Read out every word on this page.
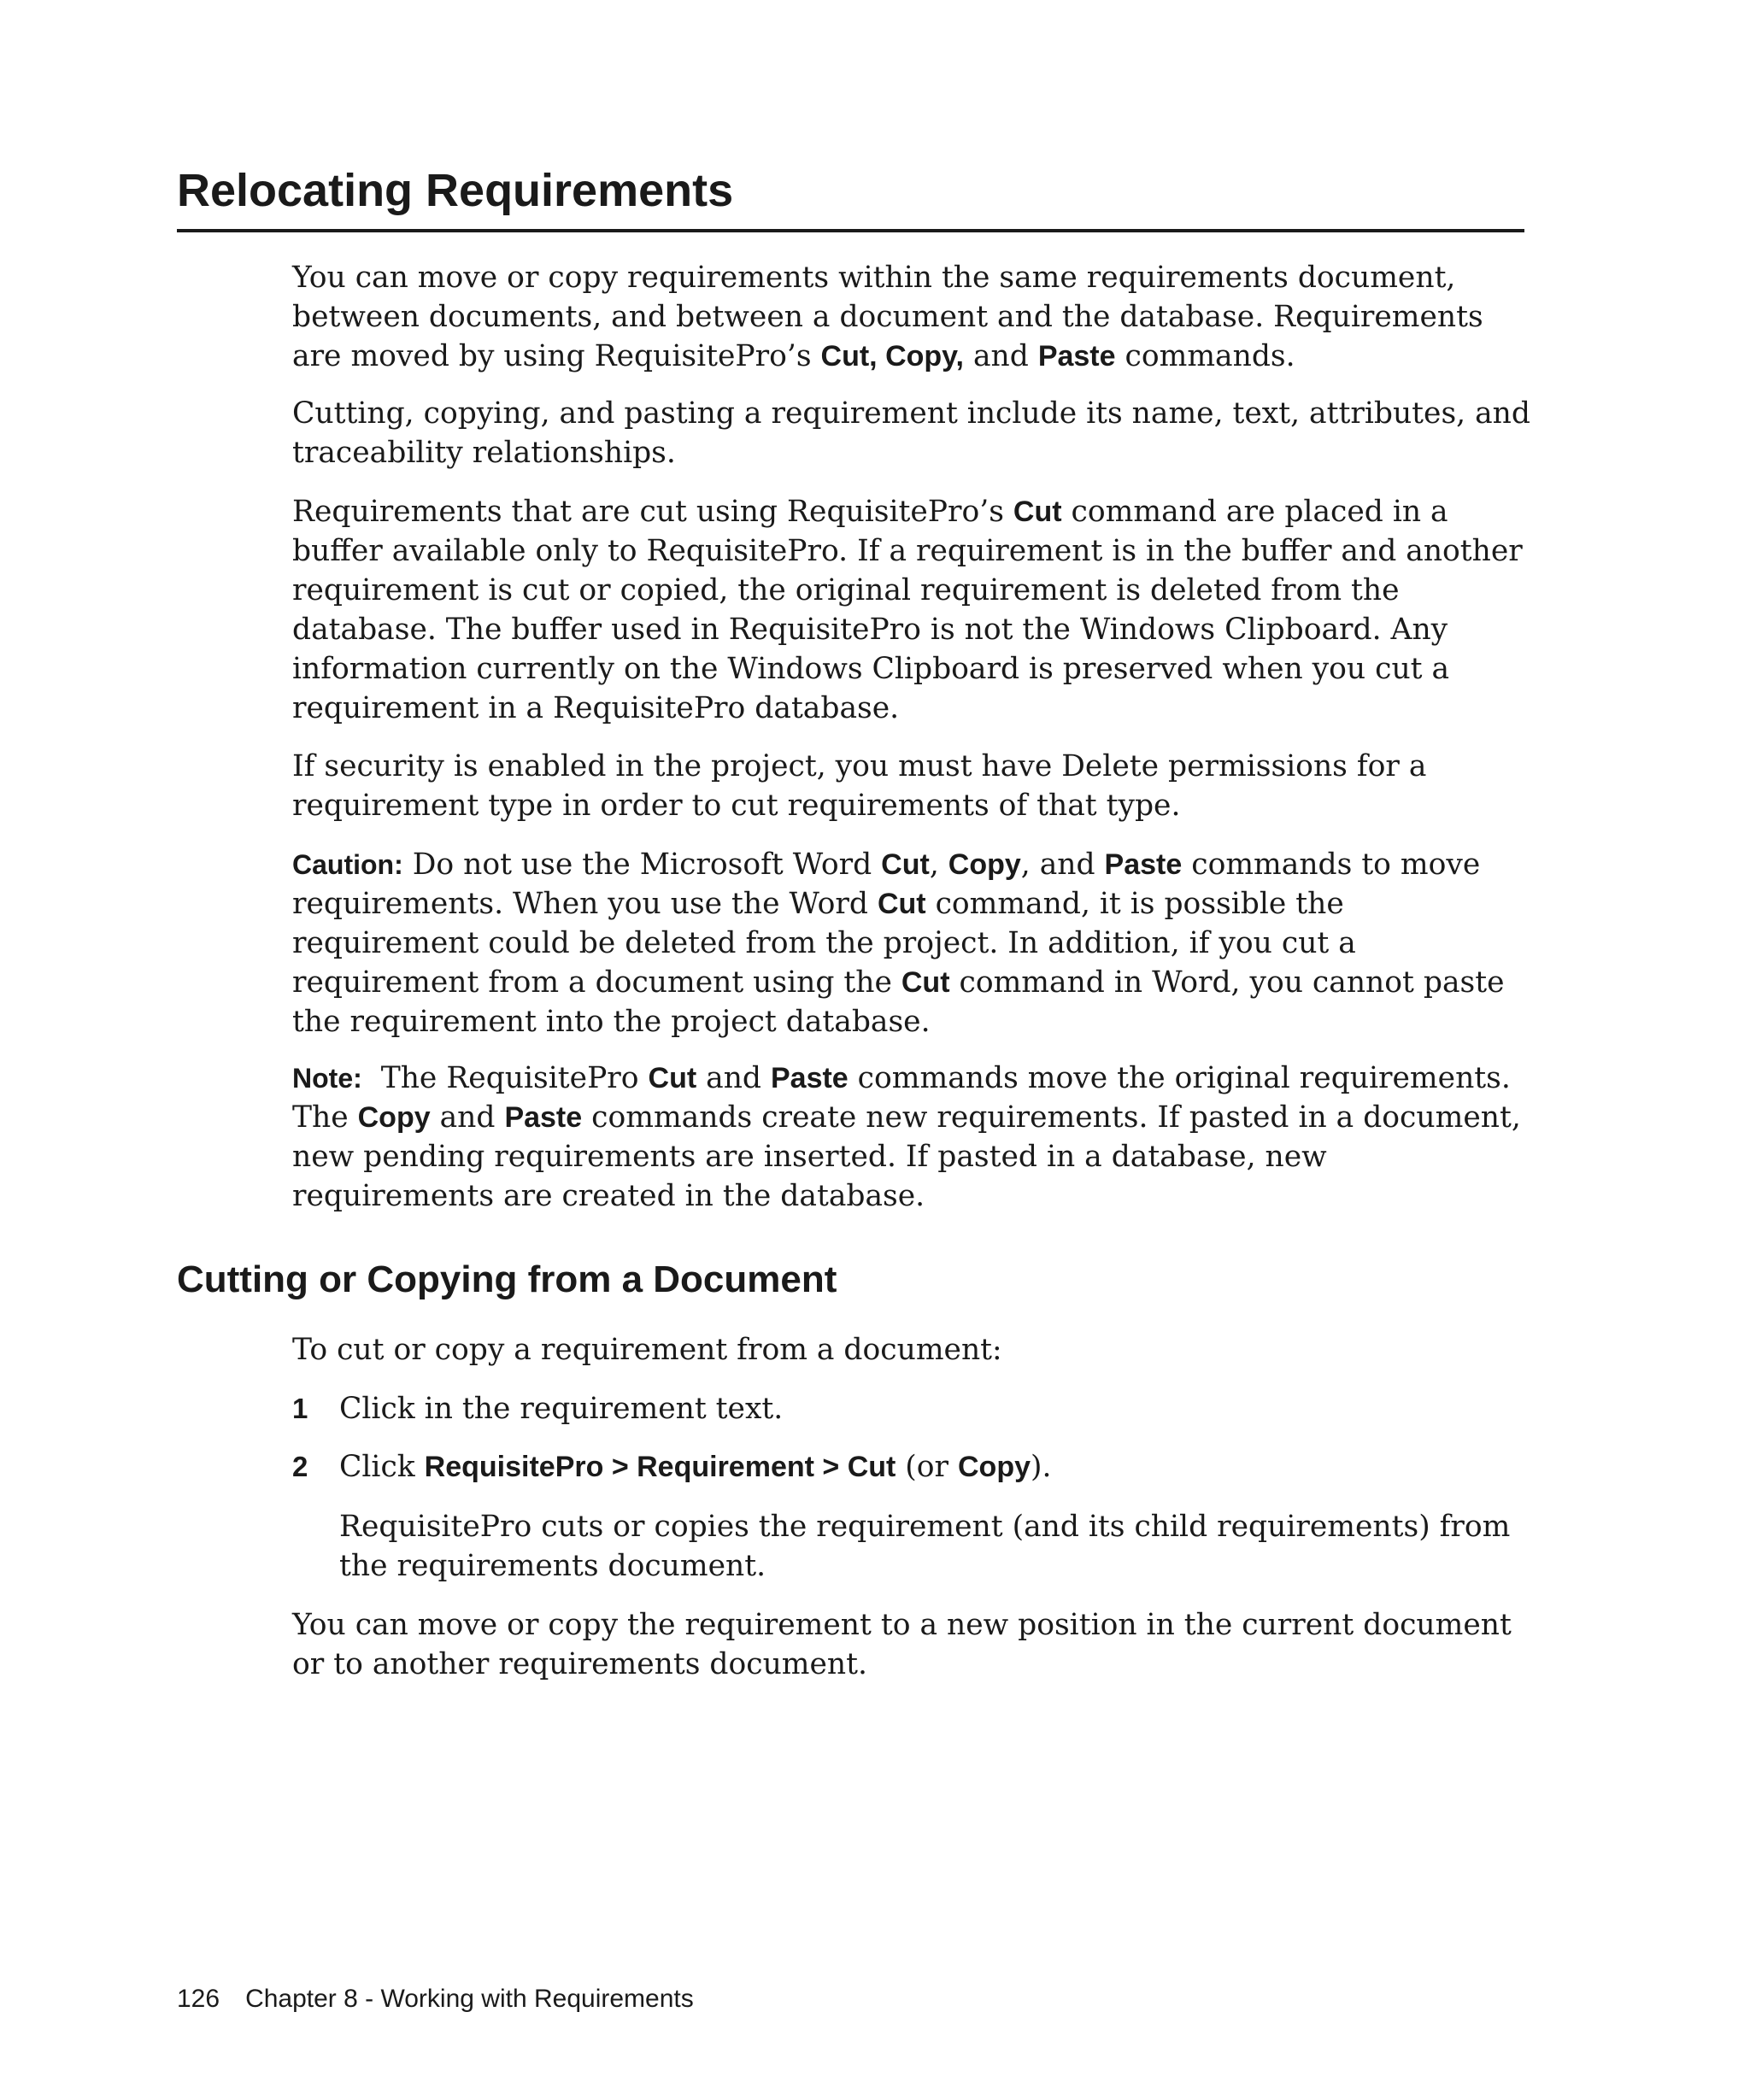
Relocating Requirements

You can move or copy requirements within the same requirements document, between documents, and between a document and the database. Requirements are moved by using RequisitePro’s Cut, Copy, and Paste commands.

Cutting, copying, and pasting a requirement include its name, text, attributes, and traceability relationships.

Requirements that are cut using RequisitePro’s Cut command are placed in a buffer available only to RequisitePro. If a requirement is in the buffer and another requirement is cut or copied, the original requirement is deleted from the database. The buffer used in RequisitePro is not the Windows Clipboard. Any information currently on the Windows Clipboard is preserved when you cut a requirement in a RequisitePro database.

If security is enabled in the project, you must have Delete permissions for a requirement type in order to cut requirements of that type.

Caution: Do not use the Microsoft Word Cut, Copy, and Paste commands to move requirements. When you use the Word Cut command, it is possible the requirement could be deleted from the project. In addition, if you cut a requirement from a document using the Cut command in Word, you cannot paste the requirement into the project database.

Note:  The RequisitePro Cut and Paste commands move the original requirements. The Copy and Paste commands create new requirements. If pasted in a document, new pending requirements are inserted. If pasted in a database, new requirements are created in the database.

Cutting or Copying from a Document

To cut or copy a requirement from a document:

1 Click in the requirement text.

2 Click RequisitePro > Requirement > Cut (or Copy).

RequisitePro cuts or copies the requirement (and its child requirements) from the requirements document.

You can move or copy the requirement to a new position in the current document or to another requirements document.

126 Chapter 8 - Working with Requirements
